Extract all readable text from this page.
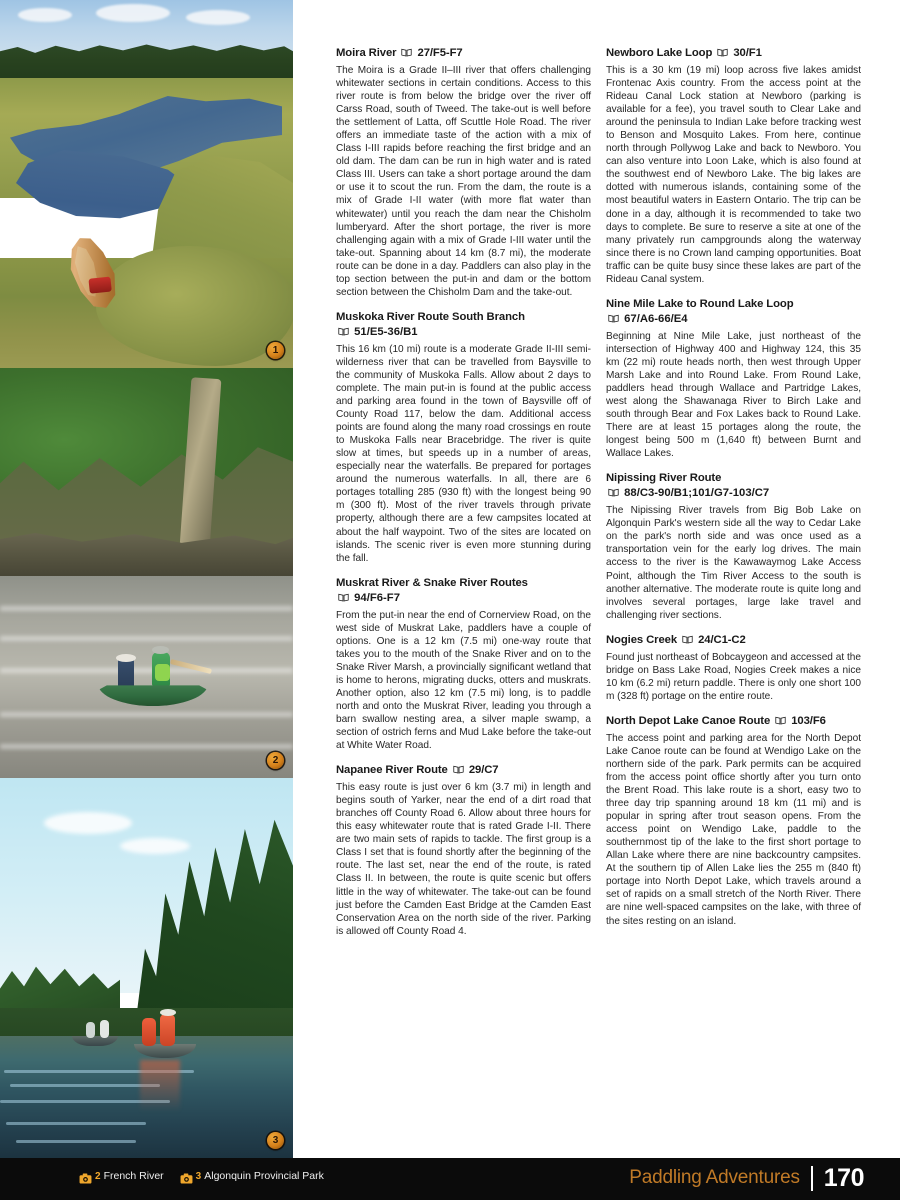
1
2
3
Moira River 27/F5-F7

The Moira is a Grade II–III river that offers challenging whitewater sections in certain conditions. Access to this river route is from below the bridge over the river off Carss Road, south of Tweed. The take-out is well before the settlement of Latta, off Scuttle Hole Road. The river offers an immediate taste of the action with a mix of Class I-III rapids before reaching the first bridge and an old dam. The dam can be run in high water and is rated Class III. Users can take a short portage around the dam or use it to scout the run. From the dam, the route is a mix of Grade I-II water (with more flat water than whitewater) until you reach the dam near the Chisholm lumberyard. After the short portage, the river is more challenging again with a mix of Grade I-III water until the take-out. Spanning about 14 km (8.7 mi), the moderate route can be done in a day. Paddlers can also play in the top section between the put-in and dam or the bottom section between the Chisholm Dam and the take-out.

Muskoka River Route South Branch
51/E5-36/B1

This 16 km (10 mi) route is a moderate Grade II-III semi-wilderness river that can be travelled from Baysville to the community of Muskoka Falls. Allow about 2 days to complete. The main put-in is found at the public access and parking area found in the town of Baysville off of County Road 117, below the dam. Additional access points are found along the many road crossings en route to Muskoka Falls near Bracebridge. The river is quite slow at times, but speeds up in a number of areas, especially near the waterfalls. Be prepared for portages around the numerous waterfalls. In all, there are 6 portages totalling 285 (930 ft) with the longest being 90 m (300 ft). Most of the river travels through private property, although there are a few campsites located at about the half waypoint. Two of the sites are located on islands. The scenic river is even more stunning during the fall.

Muskrat River & Snake River Routes
94/F6-F7

From the put-in near the end of Cornerview Road, on the west side of Muskrat Lake, paddlers have a couple of options. One is a 12 km (7.5 mi) one-way route that takes you to the mouth of the Snake River and on to the Snake River Marsh, a provincially significant wetland that is home to herons, migrating ducks, otters and muskrats. Another option, also 12 km (7.5 mi) long, is to paddle north and onto the Muskrat River, leading you through a barn swallow nesting area, a silver maple swamp, a section of ostrich ferns and Mud Lake before the take-out at White Water Road.

Napanee River Route 29/C7

This easy route is just over 6 km (3.7 mi) in length and begins south of Yarker, near the end of a dirt road that branches off County Road 6. Allow about three hours for this easy whitewater route that is rated Grade I-II. There are two main sets of rapids to tackle. The first group is a Class I set that is found shortly after the beginning of the route. The last set, near the end of the route, is rated Class II. In between, the route is quite scenic but offers little in the way of whitewater. The take-out can be found just before the Camden East Bridge at the Camden East Conservation Area on the north side of the river. Parking is allowed off County Road 4.

Newboro Lake Loop 30/F1

This is a 30 km (19 mi) loop across five lakes amidst Frontenac Axis country. From the access point at the Rideau Canal Lock station at Newboro (parking is available for a fee), you travel south to Clear Lake and around the peninsula to Indian Lake before tracking west to Benson and Mosquito Lakes. From here, continue north through Pollywog Lake and back to Newboro. You can also venture into Loon Lake, which is also found at the southwest end of Newboro Lake. The big lakes are dotted with numerous islands, containing some of the most beautiful waters in Eastern Ontario. The trip can be done in a day, although it is recommended to take two days to complete. Be sure to reserve a site at one of the many privately run campgrounds along the waterway since there is no Crown land camping opportunities. Boat traffic can be quite busy since these lakes are part of the Rideau Canal system.

Nine Mile Lake to Round Lake Loop
67/A6-66/E4

Beginning at Nine Mile Lake, just northeast of the intersection of Highway 400 and Highway 124, this 35 km (22 mi) route heads north, then west through Upper Marsh Lake and into Round Lake. From Round Lake, paddlers head through Wallace and Partridge Lakes, west along the Shawanaga River to Birch Lake and south through Bear and Fox Lakes back to Round Lake. There are at least 15 portages along the route, the longest being 500 m (1,640 ft) between Burnt and Wallace Lakes.

Nipissing River Route
88/C3-90/B1;101/G7-103/C7

The Nipissing River travels from Big Bob Lake on Algonquin Park's western side all the way to Cedar Lake on the park's north side and was once used as a transportation vein for the early log drives. The main access to the river is the Kawawaymog Lake Access Point, although the Tim River Access to the south is another alternative. The moderate route is quite long and involves several portages, large lake travel and challenging river sections.

Nogies Creek 24/C1-C2

Found just northeast of Bobcaygeon and accessed at the bridge on Bass Lake Road, Nogies Creek makes a nice 10 km (6.2 mi) return paddle. There is only one short 100 m (328 ft) portage on the entire route.

North Depot Lake Canoe Route 103/F6

The access point and parking area for the North Depot Lake Canoe route can be found at Wendigo Lake on the northern side of the park. Park permits can be acquired from the access point office shortly after you turn onto the Brent Road. This lake route is a short, easy two to three day trip spanning around 18 km (11 mi) and is popular in spring after trout season opens. From the access point on Wendigo Lake, paddle to the southernmost tip of the lake to the first short portage to Allan Lake where there are nine backcountry campsites. At the southern tip of Allen Lake lies the 255 m (840 ft) portage into North Depot Lake, which travels around a set of rapids on a small stretch of the North River. There are nine well-spaced campsites on the lake, with three of the sites resting on an island.

2 French River	3 Algonquin Provincial Park	Paddling Adventures 170
